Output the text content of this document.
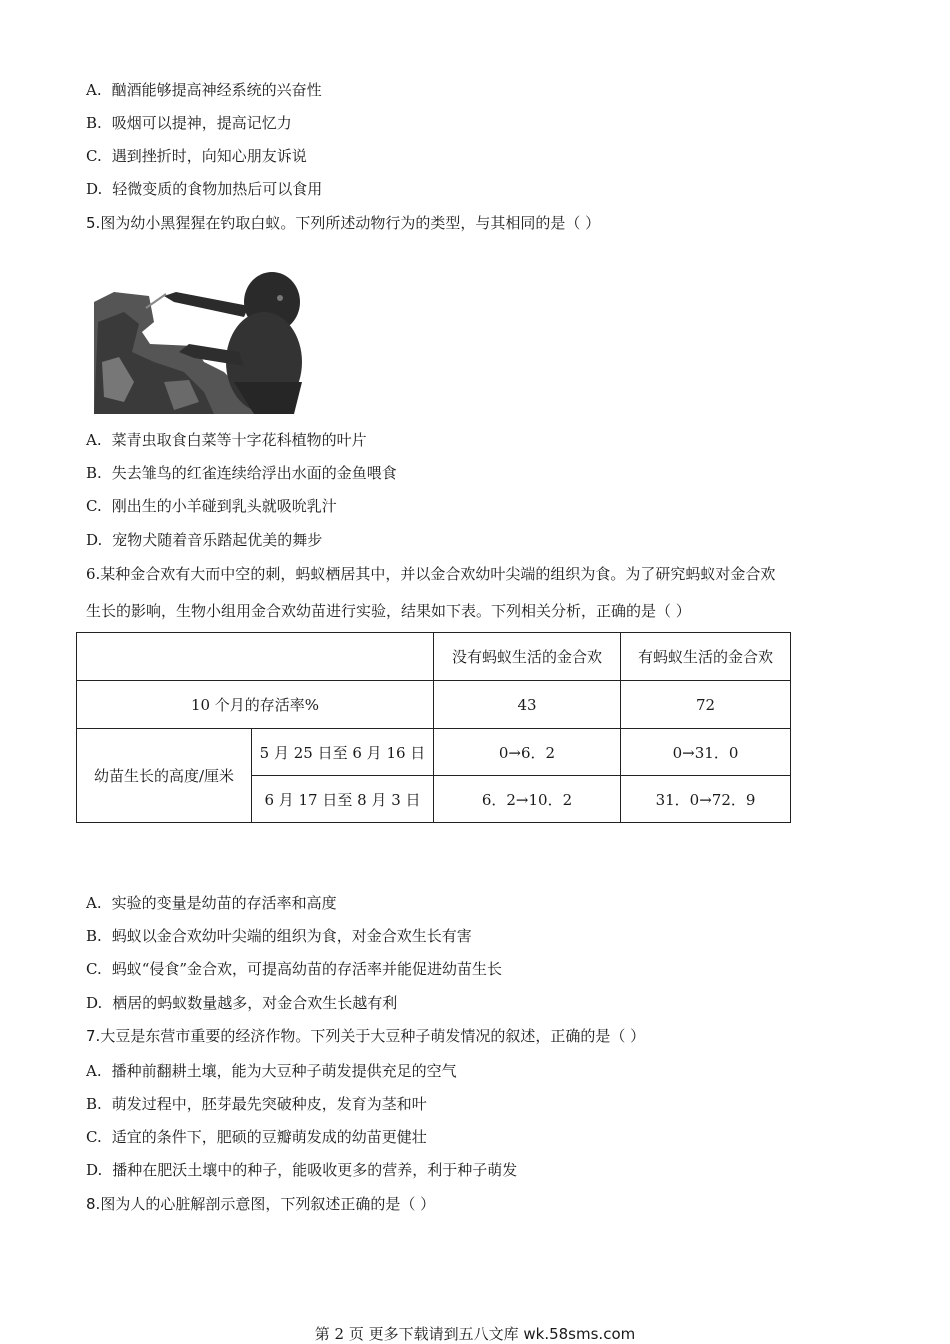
A. 酗酒能够提高神经系统的兴奋性
B. 吸烟可以提神，提高记忆力
C. 遇到挫折时，向知心朋友诉说
D. 轻微变质的食物加热后可以食用
5.图为幼小黑猩猩在钓取白蚁。下列所述动物行为的类型，与其相同的是（ ）
A. 菜青虫取食白菜等十字花科植物的叶片
B. 失去雏鸟的红雀连续给浮出水面的金鱼喂食
C. 刚出生的小羊碰到乳头就吸吮乳汁
D. 宠物犬随着音乐踏起优美的舞步
6.某种金合欢有大而中空的刺，蚂蚁栖居其中，并以金合欢幼叶尖端的组织为食。为了研究蚂蚁对金合欢
生长的影响，生物小组用金合欢幼苗进行实验，结果如下表。下列相关分析，正确的是（ ）
		没有蚂蚁生活的金合欢	有蚂蚁生活的金合欢
10 个月的存活率%		43	72
幼苗生长的高度/厘米	5 月 25 日至 6 月 16 日	0→6．2	0→31．0
	6 月 17 日至 8 月 3 日	6．2→10．2	31．0→72．9
A. 实验的变量是幼苗的存活率和高度
B. 蚂蚁以金合欢幼叶尖端的组织为食，对金合欢生长有害
C. 蚂蚁“侵食”金合欢，可提高幼苗的存活率并能促进幼苗生长
D. 栖居的蚂蚁数量越多，对金合欢生长越有利
7.大豆是东营市重要的经济作物。下列关于大豆种子萌发情况的叙述，正确的是（ ）
A. 播种前翻耕土壤，能为大豆种子萌发提供充足的空气
B. 萌发过程中，胚芽最先突破种皮，发育为茎和叶
C. 适宜的条件下，肥硕的豆瓣萌发成的幼苗更健壮
D. 播种在肥沃土壤中的种子，能吸收更多的营养，利于种子萌发
8.图为人的心脏解剖示意图，下列叙述正确的是（ ）
第 2 页 更多下载请到五八文库 wk.58sms.com
